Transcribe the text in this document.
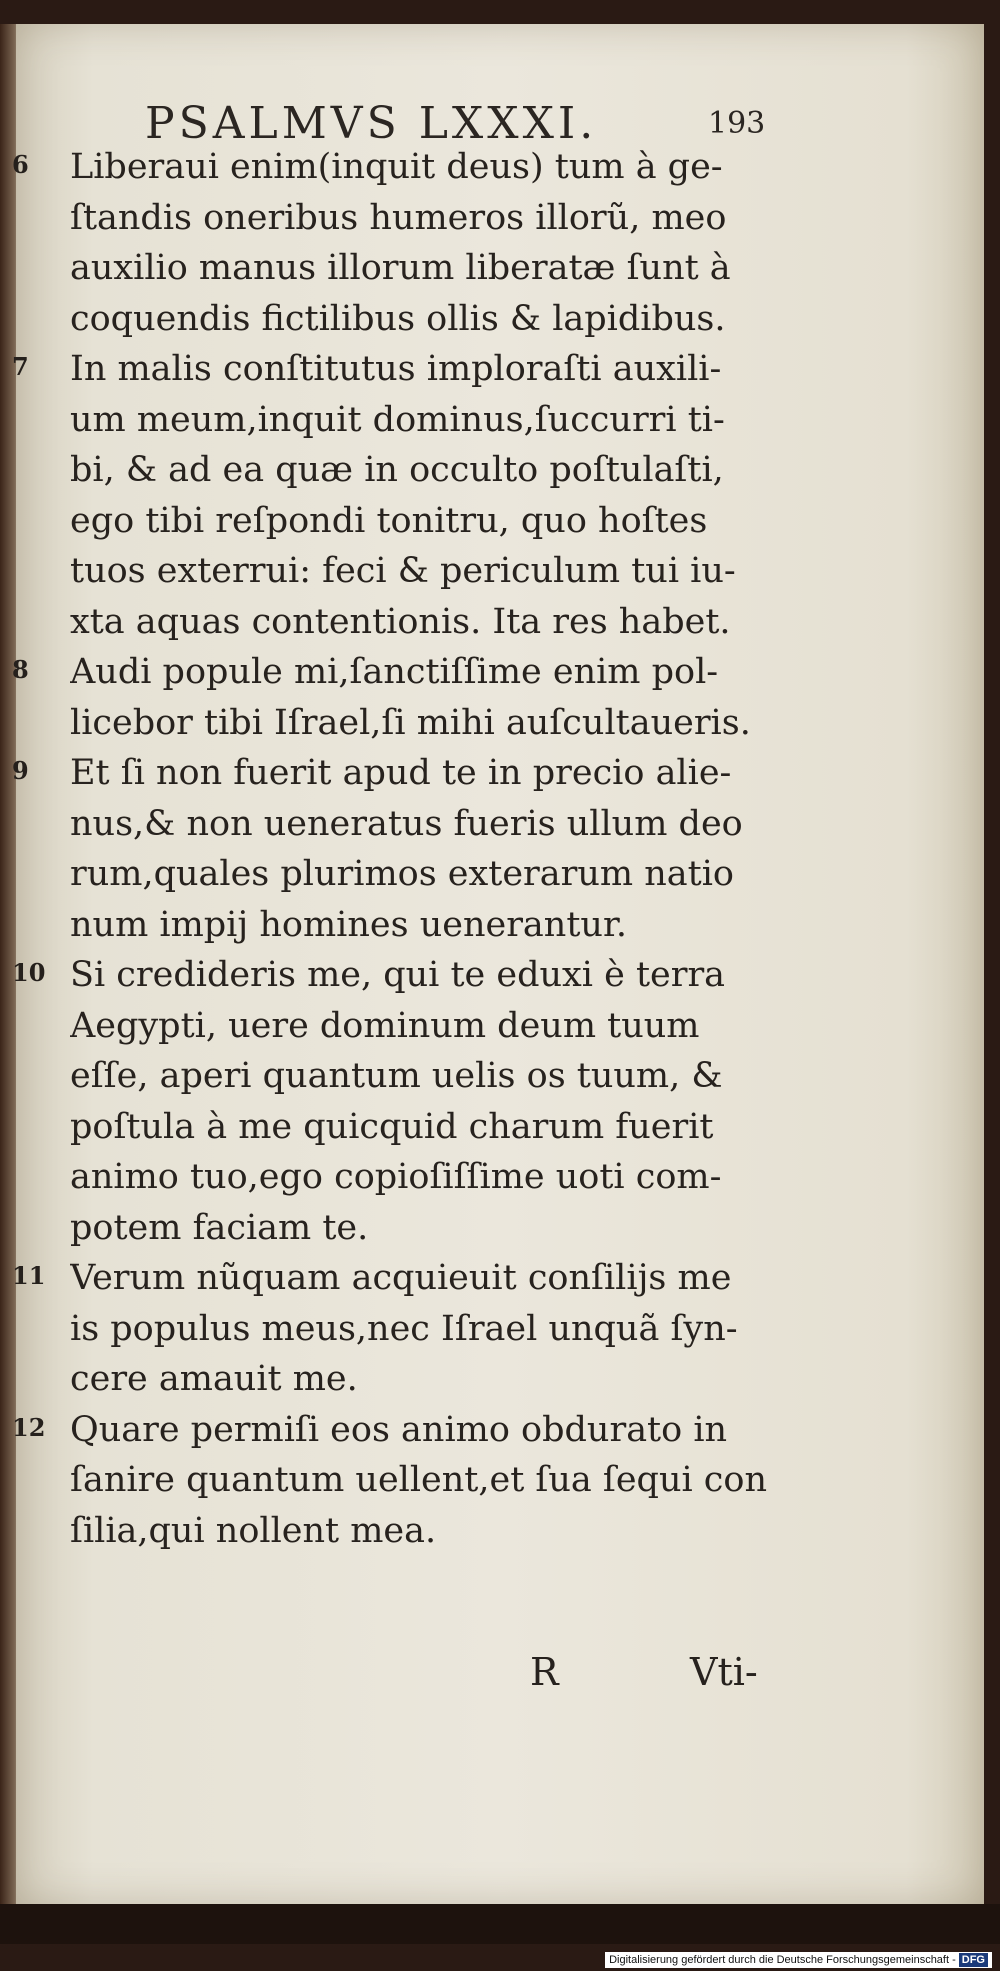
PSALMVS LXXXI.	193
6 Liberaui enim(inquit deus) tum à ge-
ſtandis oneribus humeros illorũ, meo
auxilio manus illorum liberatæ ſunt à
coquendis fictilibus ollis & lapidibus.
7 In malis conſtitutus imploraſti auxili-
um meum,inquit dominus,ſuccurri ti-
bi, & ad ea quæ in occulto poſtulaſti,
ego tibi reſpondi tonitru, quo hoſtes
tuos exterrui: feci & periculum tui iu-
xta aquas contentionis. Ita res habet.
8 Audi popule mi,ſanctiſſime enim pol-
licebor tibi Iſrael,ſi mihi auſcultaueris.
9 Et ſi non fuerit apud te in precio alie-
nus,& non ueneratus fueris ullum deo
rum,quales plurimos exterarum natio
num impij homines uenerantur.
10 Si credideris me, qui te eduxi è terra
Aegypti, uere dominum deum tuum
eſſe, aperi quantum uelis os tuum, &
poſtula à me quicquid charum fuerit
animo tuo,ego copioſiſſime uoti com-
potem faciam te.
11 Verum nũquam acquieuit conſilijs me
is populus meus,nec Iſrael unquã ſyn-
cere amauit me.
12 Quare permiſi eos animo obdurato in
ſanire quantum uellent,et ſua ſequi con
ſilia,qui nollent mea.
R	Vti-
Digitalisierung gefördert durch die Deutsche Forschungsgemeinschaft - DFG
